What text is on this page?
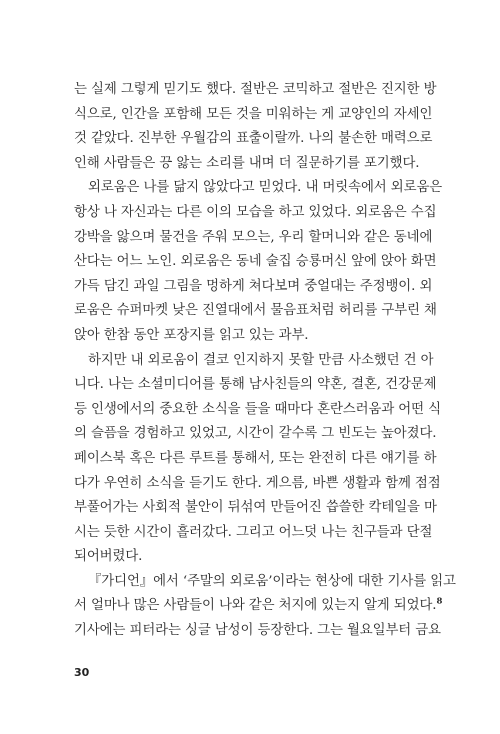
는 실제 그렇게 믿기도 했다. 절반은 코믹하고 절반은 진지한 방
식으로, 인간을 포함해 모든 것을 미워하는 게 교양인의 자세인
것 같았다. 진부한 우월감의 표출이랄까. 나의 불손한 매력으로
인해 사람들은 끙 앓는 소리를 내며 더 질문하기를 포기했다.
외로움은 나를 닮지 않았다고 믿었다. 내 머릿속에서 외로움은
항상 나 자신과는 다른 이의 모습을 하고 있었다. 외로움은 수집
강박을 앓으며 물건을 주워 모으는, 우리 할머니와 같은 동네에
산다는 어느 노인. 외로움은 동네 술집 승룡머신 앞에 앉아 화면
가득 담긴 과일 그림을 멍하게 쳐다보며 중얼대는 주정뱅이. 외
로움은 슈퍼마켓 낮은 진열대에서 물음표처럼 허리를 구부린 채
앉아 한참 동안 포장지를 읽고 있는 과부.
하지만 내 외로움이 결코 인지하지 못할 만큼 사소했던 건 아
니다. 나는 소셜미디어를 통해 남사친들의 약혼, 결혼, 건강문제
등 인생에서의 중요한 소식을 들을 때마다 혼란스러움과 어떤 식
의 슬픔을 경험하고 있었고, 시간이 갈수록 그 빈도는 높아졌다.
페이스북 혹은 다른 루트를 통해서, 또는 완전히 다른 얘기를 하
다가 우연히 소식을 듣기도 한다. 게으름, 바쁜 생활과 함께 점점
부풀어가는 사회적 불안이 뒤섞여 만들어진 씁쓸한 칵테일을 마
시는 듯한 시간이 흘러갔다. 그리고 어느덧 나는 친구들과 단절
되어버렸다.
『가디언』에서 ‘주말의 외로움’이라는 현상에 대한 기사를 읽고
서 얼마나 많은 사람들이 나와 같은 처지에 있는지 알게 되었다.$^8$
기사에는 피터라는 싱글 남성이 등장한다. 그는 월요일부터 금요
30
